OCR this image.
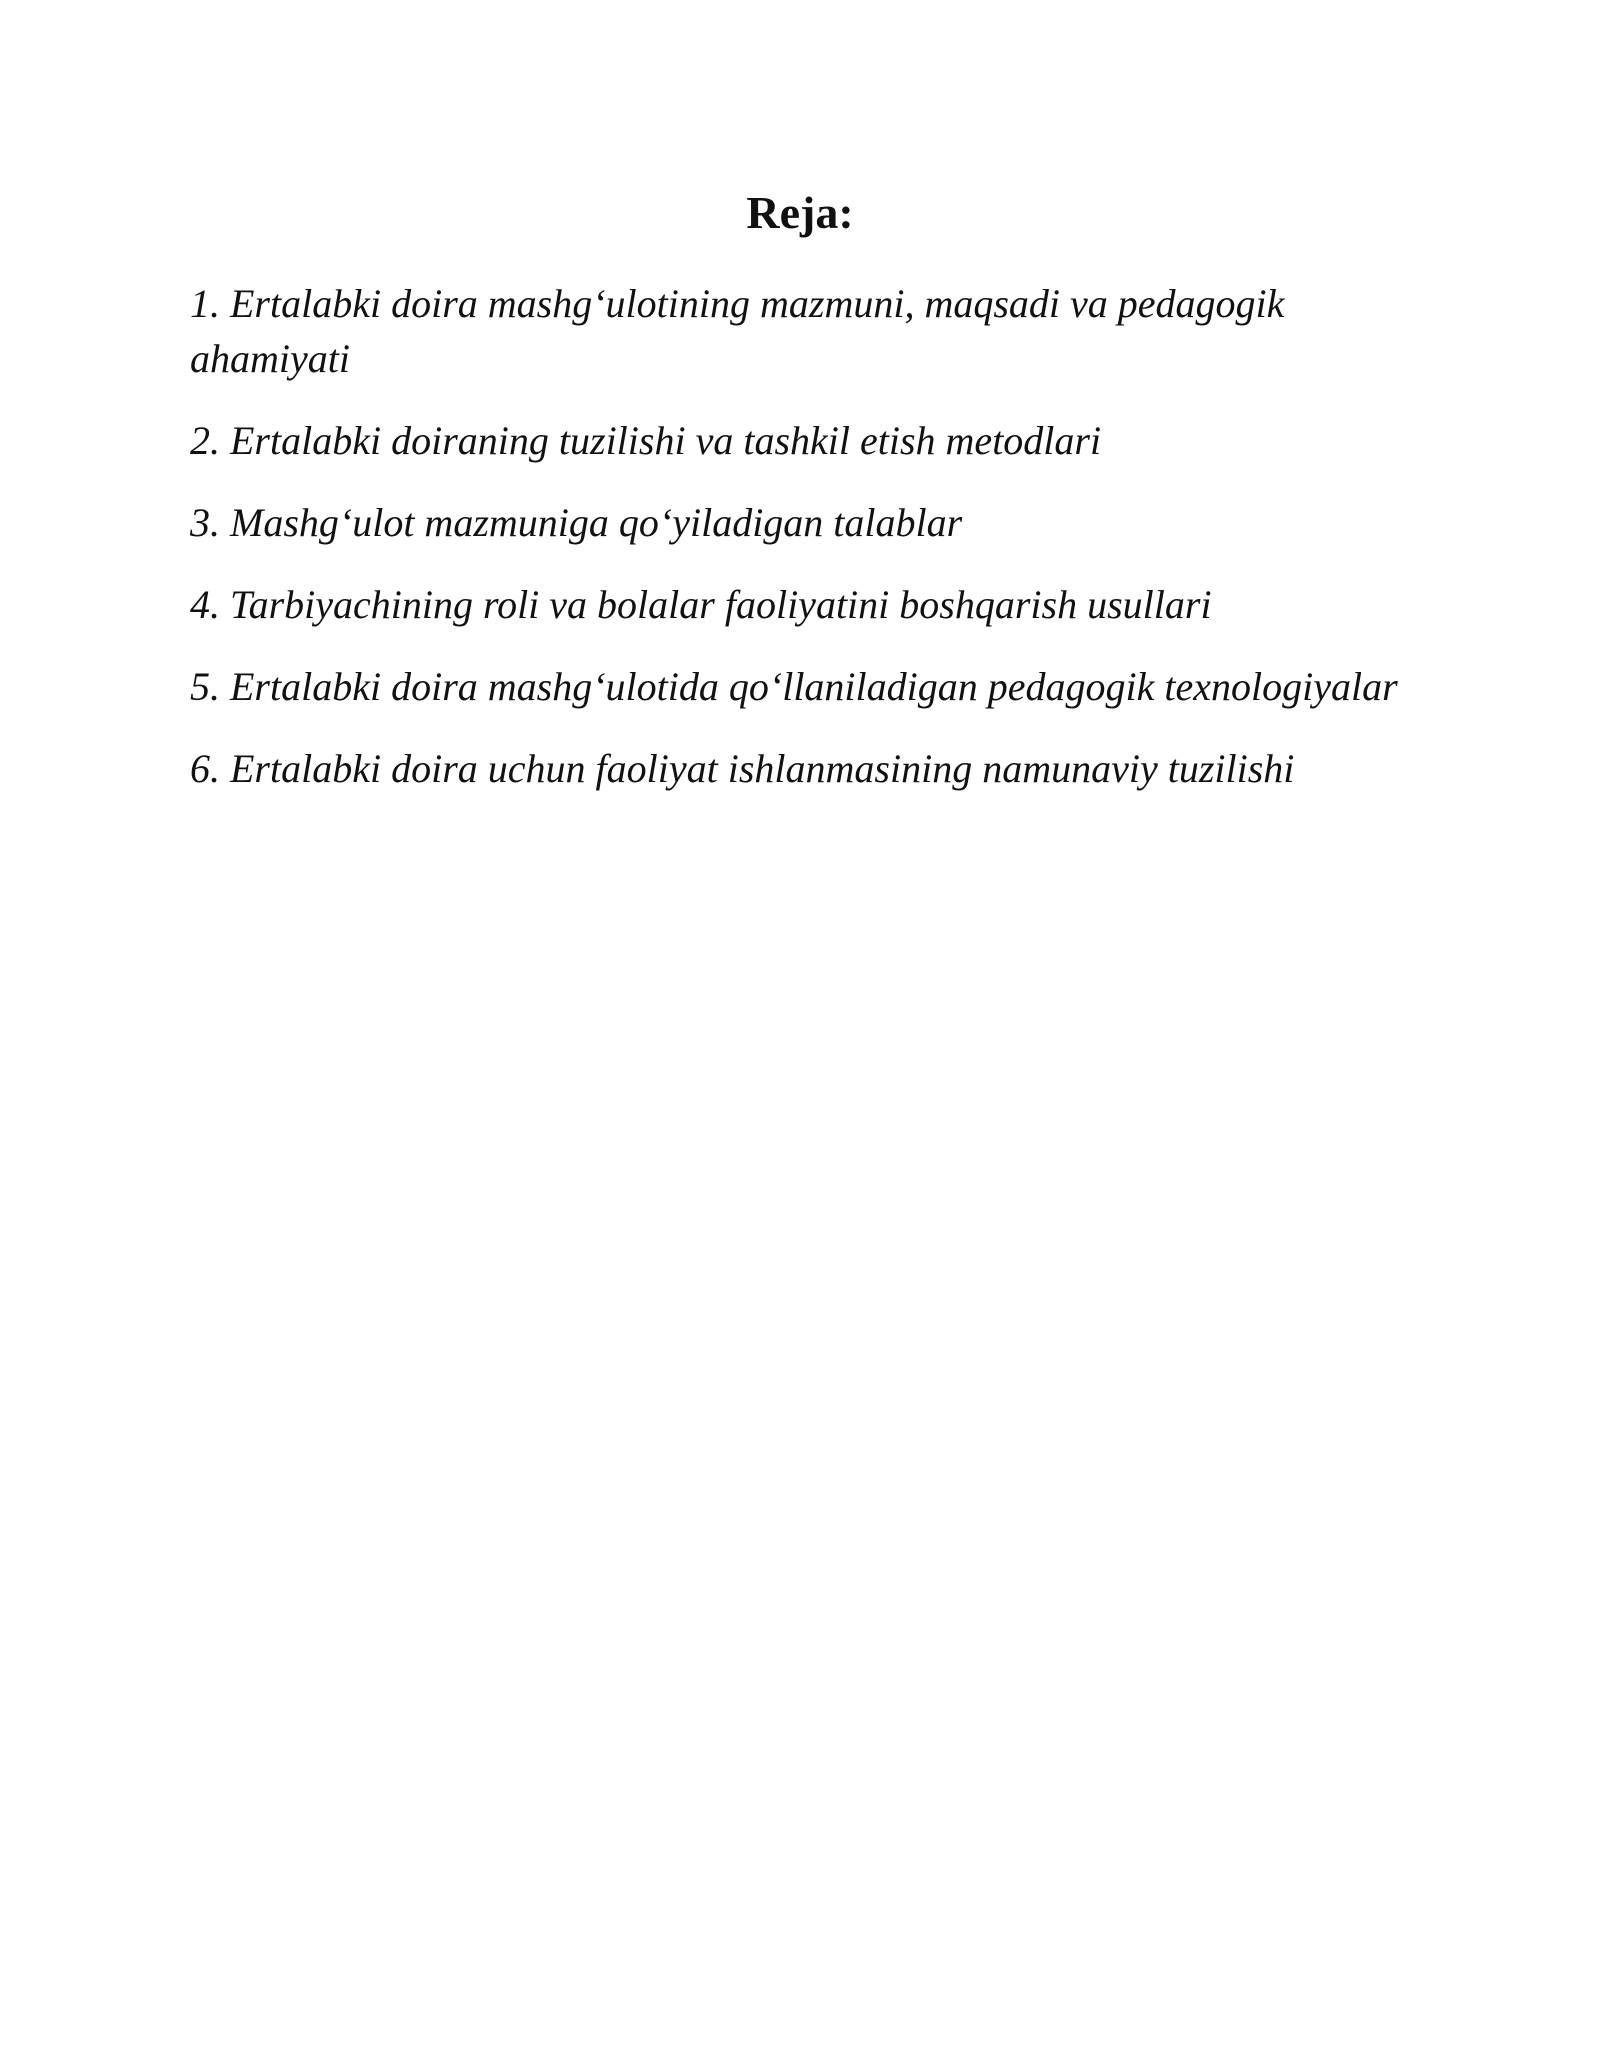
Reja:
1. Ertalabki doira mashg‘ulotining mazmuni, maqsadi va pedagogik ahamiyati
2. Ertalabki doiraning tuzilishi va tashkil etish metodlari
3. Mashg‘ulot mazmuniga qo‘yiladigan talablar
4. Tarbiyachining roli va bolalar faoliyatini boshqarish usullari
5. Ertalabki doira mashg‘ulotida qo‘llaniladigan pedagogik texnologiyalar
6. Ertalabki doira uchun faoliyat ishlanmasining namunaviy tuzilishi
